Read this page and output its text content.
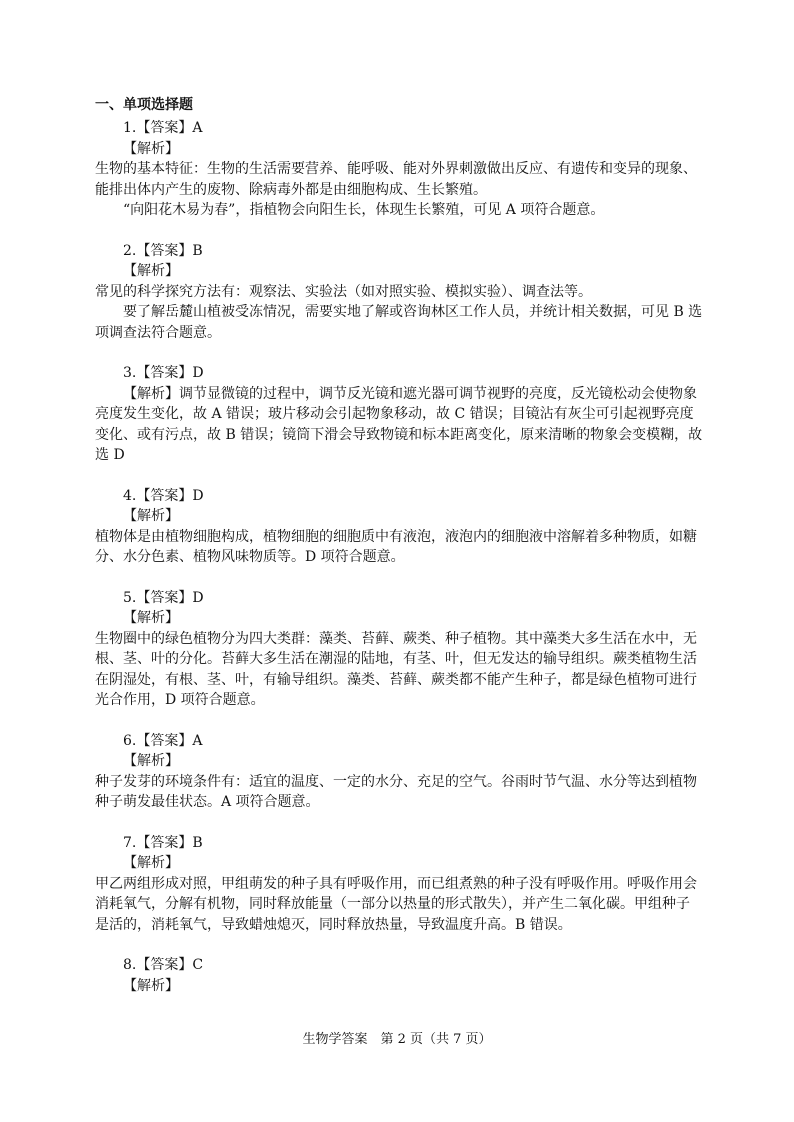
一、单项选择题

1.【答案】A

【解析】

生物的基本特征：生物的生活需要营养、能呼吸、能对外界刺激做出反应、有遗传和变异的现象、能排出体内产生的废物、除病毒外都是由细胞构成、生长繁殖。

“向阳花木易为春”，指植物会向阳生长，体现生长繁殖，可见 A 项符合题意。

2.【答案】B

【解析】

常见的科学探究方法有：观察法、实验法（如对照实验、模拟实验）、调查法等。

要了解岳麓山植被受冻情况，需要实地了解或咨询林区工作人员，并统计相关数据，可见 B 选项调查法符合题意。

3.【答案】D

【解析】调节显微镜的过程中，调节反光镜和遮光器可调节视野的亮度，反光镜松动会使物象亮度发生变化，故 A 错误；玻片移动会引起物象移动，故 C 错误；目镜沾有灰尘可引起视野亮度变化、或有污点，故 B 错误；镜筒下滑会导致物镜和标本距离变化，原来清晰的物象会变模糊，故选 D

4.【答案】D

【解析】

植物体是由植物细胞构成，植物细胞的细胞质中有液泡，液泡内的细胞液中溶解着多种物质，如糖分、水分色素、植物风味物质等。D 项符合题意。

5.【答案】D

【解析】

生物圈中的绿色植物分为四大类群：藻类、苔藓、蕨类、种子植物。其中藻类大多生活在水中，无根、茎、叶的分化。苔藓大多生活在潮湿的陆地，有茎、叶，但无发达的输导组织。蕨类植物生活在阴湿处，有根、茎、叶，有输导组织。藻类、苔藓、蕨类都不能产生种子，都是绿色植物可进行光合作用，D 项符合题意。

6.【答案】A

【解析】

种子发芽的环境条件有：适宜的温度、一定的水分、充足的空气。谷雨时节气温、水分等达到植物种子萌发最佳状态。A 项符合题意。

7.【答案】B

【解析】

甲乙两组形成对照，甲组萌发的种子具有呼吸作用，而已组煮熟的种子没有呼吸作用。呼吸作用会消耗氧气，分解有机物，同时释放能量（一部分以热量的形式散失），并产生二氧化碳。甲组种子是活的，消耗氧气，导致蜡烛熄灭，同时释放热量，导致温度升高。B 错误。

8.【答案】C

【解析】

生物学答案　第 2 页（共 7 页）
